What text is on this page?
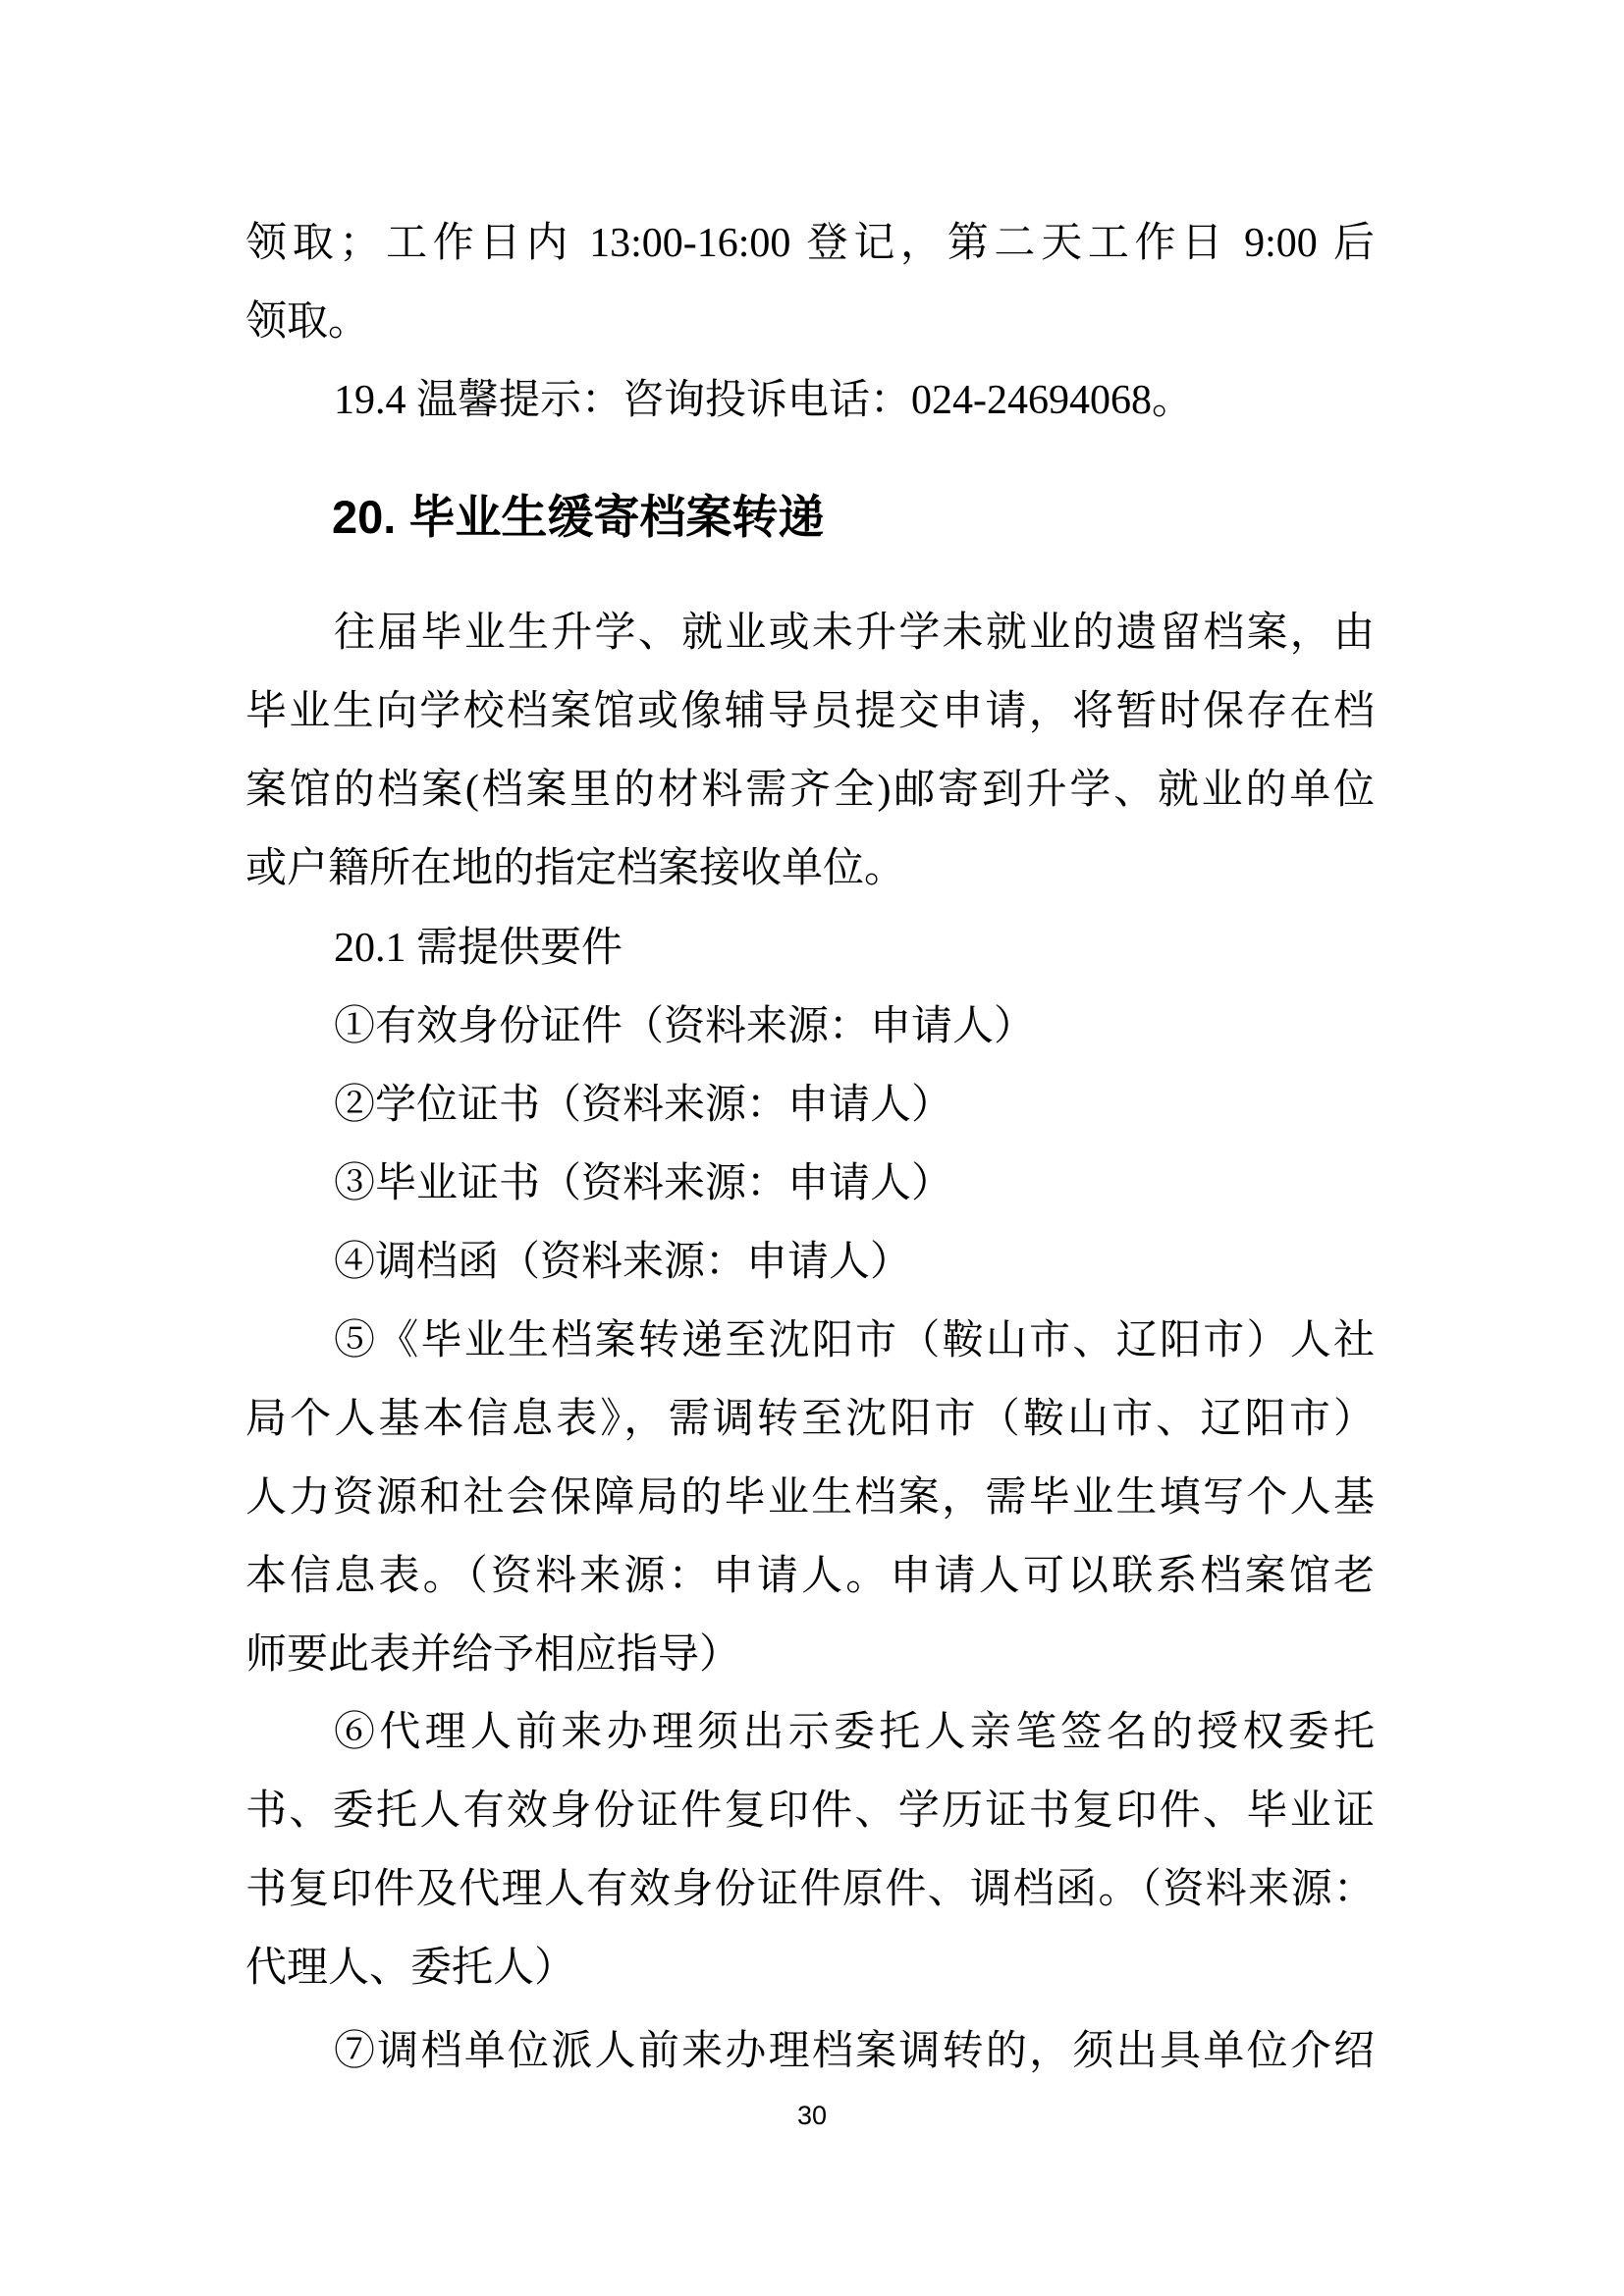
领取；工作日内 13:00-16:00 登记，第二天工作日 9:00 后
领取。
19.4 温馨提示：咨询投诉电话：024-24694068。
20. 毕业生缓寄档案转递
往届毕业生升学、就业或未升学未就业的遗留档案，由
毕业生向学校档案馆或像辅导员提交申请，将暂时保存在档
案馆的档案(档案里的材料需齐全)邮寄到升学、就业的单位
或户籍所在地的指定档案接收单位。
20.1 需提供要件
①有效身份证件（资料来源：申请人）
②学位证书（资料来源：申请人）
③毕业证书（资料来源：申请人）
④调档函（资料来源：申请人）
⑤《毕业生档案转递至沈阳市（鞍山市、辽阳市）人社
局个人基本信息表》，需调转至沈阳市（鞍山市、辽阳市）
人力资源和社会保障局的毕业生档案，需毕业生填写个人基
本信息表。（资料来源：申请人。申请人可以联系档案馆老
师要此表并给予相应指导）
⑥代理人前来办理须出示委托人亲笔签名的授权委托
书、委托人有效身份证件复印件、学历证书复印件、毕业证
书复印件及代理人有效身份证件原件、调档函。（资料来源：
代理人、委托人）
⑦调档单位派人前来办理档案调转的，须出具单位介绍
30
